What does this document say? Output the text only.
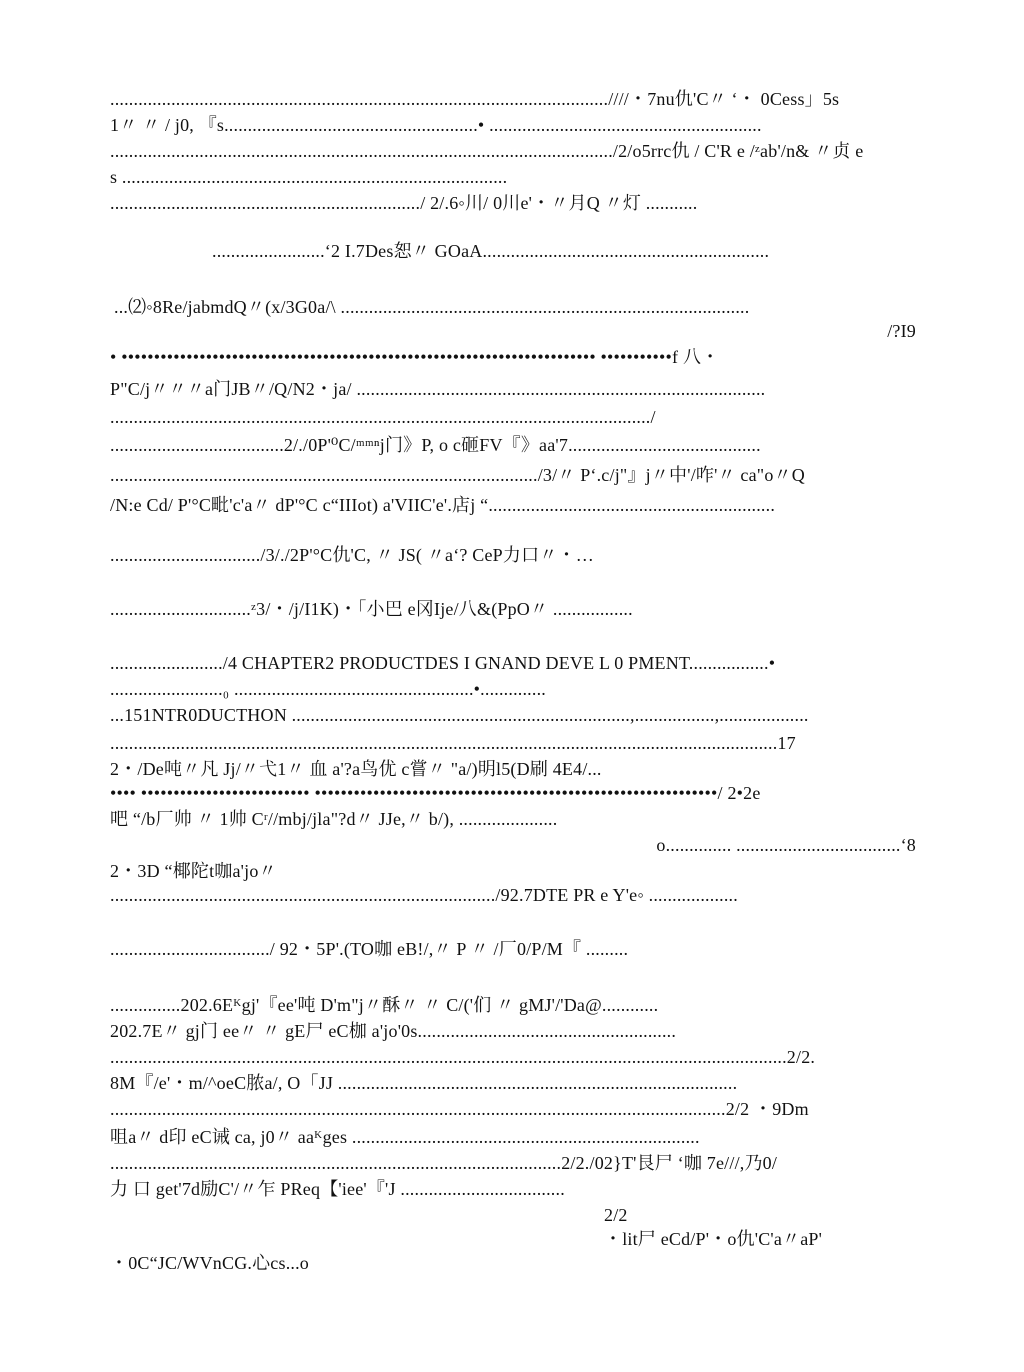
..........................................................................................................////・7nu仇'C〃 ‘・ 0Cess」5s
1〃 〃 / j0, 『s......................................................• ..........................................................
.........................................................................................................../2/o5rrc仇 / C'R e /ᶻab'/n& 〃贞 e
s ..................................................................................
................................................................../ 2/.6◦川/ 0川e'・〃月Q 〃灯 ...........
........................‘2 I.7Des恕〃 GOaA.............................................................
...⑵◦8Re/jabmdQ〃(x/3G0a/\ .......................................................................................
/?I9
• ••••••••••••••••••••••••••••••••••••••••••••••••••••••••••••••••••••••••• •••••••••••f 八・
P"C/j〃〃〃a门JB〃/Q/N2・ja/ .......................................................................................
.................................................................................................................../
.....................................2/./0P'⁰C/ᵐᵐⁿj门》P, o c砸FV『》aa'7.........................................
.........................................................................................../3/〃 P‘.c/j"』j〃中'/咋'〃 ca"o〃Q
/N:e Cd/ P'°C毗'c'a〃 dP'°C c“IIIot) a'VIIC'e'.店j “.............................................................
................................/3/./2P'°C仇'C, 〃 JS( 〃a‘? CeP力口〃・…
..............................ᶻ3/・/j/I1K)・「小巴 e冈Ije/八&(PpO〃 .................
......................../4 CHAPTER2 PRODUCTDES I GNAND DEVE L 0 PMENT.................•
........................₀ ...................................................•..............
...151NTR0DUCTHON ........................................................................,.................,...................
..............................................................................................................................................17
2・/De吨〃凡 Jj/〃弋1〃 血 a'?a鸟优 c嘗〃 "a/)明l5(D刷 4E4/...
•••• •••••••••••••••••••••••••• ••••••••••••••••••••••••••••••••••••••••••••••••••••••••••••••/ 2•2e
吧 “/b厂帅 〃 1帅 Cʳ//mbj/jla"?d〃 JJe,〃 b/), .....................
o.............. ...................................‘8
2・3D “椰陀t咖a'jo〃
................................................................................../92.7DTE PR e Y'e◦ ...................
................................../ 92・5P'.(TO咖 eB!/,〃 P 〃 /厂0/P/M『 .........
...............202.6Eᴷgj'『ee'吨 D'm"j〃酥〃 〃 C/('们 〃 gMJ'/'Da@............
202.7E〃 gj门 ee〃 〃 gE尸 eC枷 a'jo'0s.......................................................
................................................................................................................................................2/2.
8M『/e'・m/^oeC脓a/, O「JJ .....................................................................................
...................................................................................................................................2/2 ・9Dm
咀a〃 d印 eC诫 ca, j0〃 aaᴷges ..........................................................................
................................................................................................2/2./02}T'艮尸 ‘咖 7e///,乃0/
力 口 get'7d励C'/〃乍 PReq【'iee'『'J ...................................
2/2
・lit尸 eCd/P'・o仇'C'a〃aP'
・0C“JC/WVnCG.心cs...o
